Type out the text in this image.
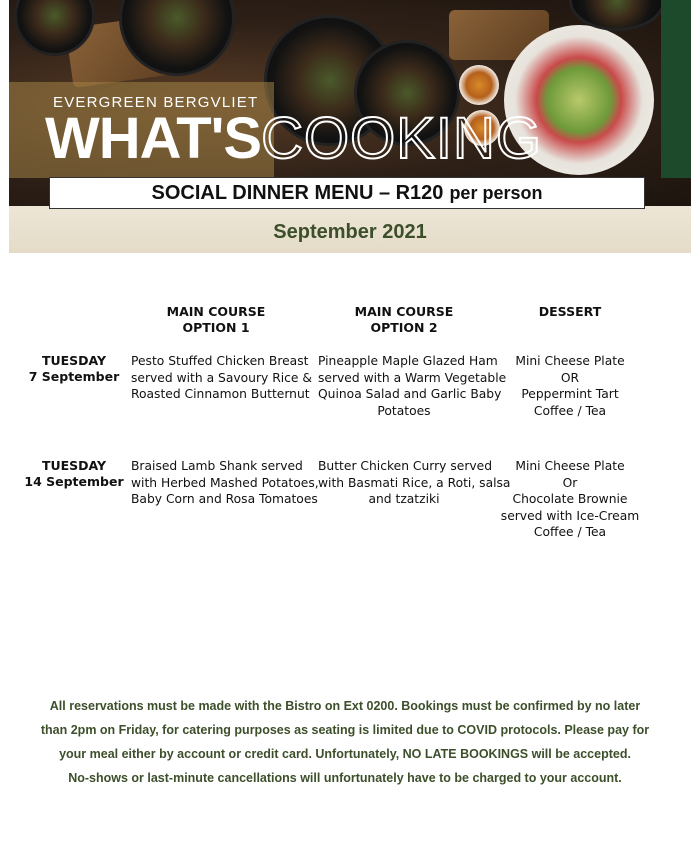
EVERGREEN BERGVLIET
WHAT'SCOOKING
September 2021
SOCIAL DINNER MENU – R120 per person
MAIN COURSE
OPTION 1
MAIN COURSE
OPTION 2
DESSERT
TUESDAY
7 September
Pesto Stuffed Chicken Breast
served with a Savoury Rice &
Roasted Cinnamon Butternut
Pineapple Maple Glazed Ham
served with a Warm Vegetable
Quinoa Salad and Garlic Baby
Potatoes
Mini Cheese Plate
OR
Peppermint Tart
Coffee / Tea
TUESDAY
14 September
Braised Lamb Shank served
with Herbed Mashed Potatoes,
Baby Corn and Rosa Tomatoes
Butter Chicken Curry served
with Basmati Rice, a Roti, salsa
and tzatziki
Mini Cheese Plate
Or
Chocolate Brownie
served with Ice-Cream
Coffee / Tea
All reservations must be made with the Bistro on Ext 0200. Bookings must be confirmed by no later
than 2pm on Friday, for catering purposes as seating is limited due to COVID protocols. Please pay for
your meal either by account or credit card. Unfortunately, NO LATE BOOKINGS will be accepted.
No-shows or last-minute cancellations will unfortunately have to be charged to your account.
